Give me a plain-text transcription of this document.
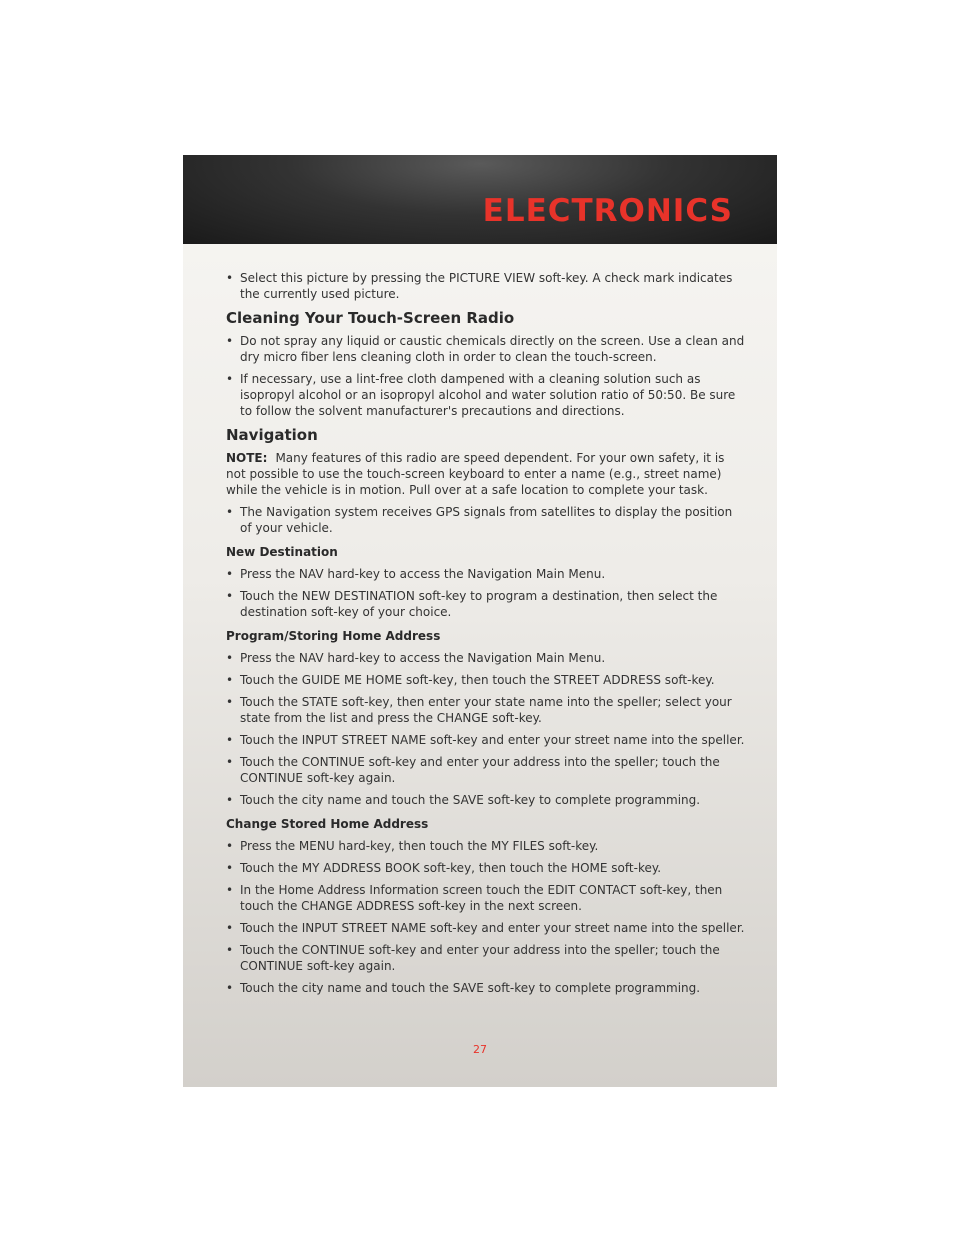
ELECTRONICS
• Select this picture by pressing the PICTURE VIEW soft-key. A check mark indicates the currently used picture.
Cleaning Your Touch-Screen Radio
• Do not spray any liquid or caustic chemicals directly on the screen. Use a clean and dry micro fiber lens cleaning cloth in order to clean the touch-screen.
• If necessary, use a lint-free cloth dampened with a cleaning solution such as isopropyl alcohol or an isopropyl alcohol and water solution ratio of 50:50. Be sure to follow the solvent manufacturer's precautions and directions.
Navigation
NOTE: Many features of this radio are speed dependent. For your own safety, it is not possible to use the touch-screen keyboard to enter a name (e.g., street name) while the vehicle is in motion. Pull over at a safe location to complete your task.
• The Navigation system receives GPS signals from satellites to display the position of your vehicle.
New Destination
• Press the NAV hard-key to access the Navigation Main Menu.
• Touch the NEW DESTINATION soft-key to program a destination, then select the destination soft-key of your choice.
Program/Storing Home Address
• Press the NAV hard-key to access the Navigation Main Menu.
• Touch the GUIDE ME HOME soft-key, then touch the STREET ADDRESS soft-key.
• Touch the STATE soft-key, then enter your state name into the speller; select your state from the list and press the CHANGE soft-key.
• Touch the INPUT STREET NAME soft-key and enter your street name into the speller.
• Touch the CONTINUE soft-key and enter your address into the speller; touch the CONTINUE soft-key again.
• Touch the city name and touch the SAVE soft-key to complete programming.
Change Stored Home Address
• Press the MENU hard-key, then touch the MY FILES soft-key.
• Touch the MY ADDRESS BOOK soft-key, then touch the HOME soft-key.
• In the Home Address Information screen touch the EDIT CONTACT soft-key, then touch the CHANGE ADDRESS soft-key in the next screen.
• Touch the INPUT STREET NAME soft-key and enter your street name into the speller.
• Touch the CONTINUE soft-key and enter your address into the speller; touch the CONTINUE soft-key again.
• Touch the city name and touch the SAVE soft-key to complete programming.
27
